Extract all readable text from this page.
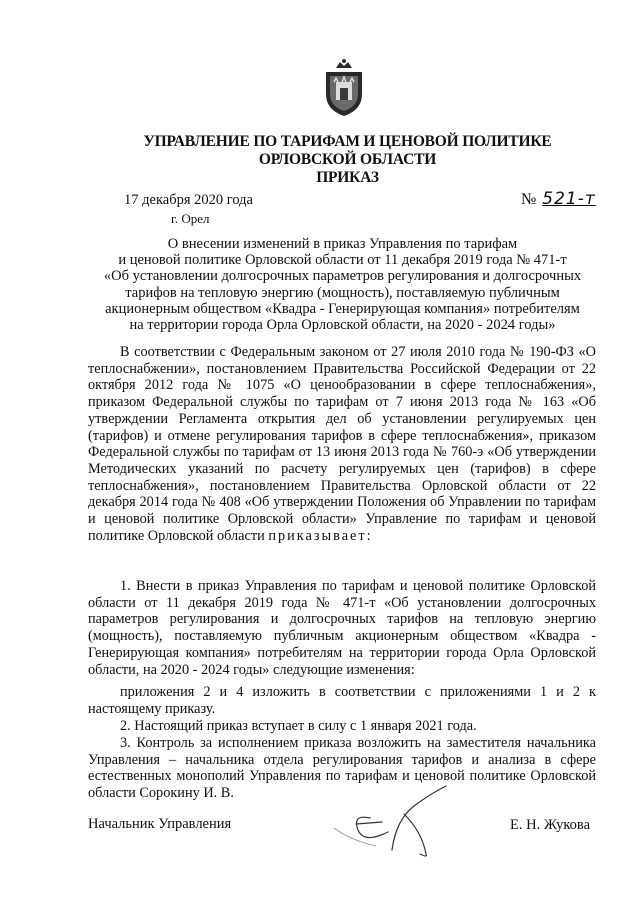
УПРАВЛЕНИЕ ПО ТАРИФАМ И ЦЕНОВОЙ ПОЛИТИКЕ
ОРЛОВСКОЙ ОБЛАСТИ
ПРИКАЗ
17 декабря 2020 года
г. Орел
№ 521-т
О внесении изменений в приказ Управления по тарифам
и ценовой политике Орловской области от 11 декабря 2019 года № 471-т
«Об установлении долгосрочных параметров регулирования и долгосрочных
тарифов на тепловую энергию (мощность), поставляемую публичным
акционерным обществом «Квадра - Генерирующая компания» потребителям
на территории города Орла Орловской области, на 2020 - 2024 годы»
В соответствии с Федеральным законом от 27 июля 2010 года № 190-ФЗ «О теплоснабжении», постановлением Правительства Российской Федерации от 22 октября 2012 года № 1075 «О ценообразовании в сфере теплоснабжения», приказом Федеральной службы по тарифам от 7 июня 2013 года № 163 «Об утверждении Регламента открытия дел об установлении регулируемых цен (тарифов) и отмене регулирования тарифов в сфере теплоснабжения», приказом Федеральной службы по тарифам от 13 июня 2013 года № 760-э «Об утверждении Методических указаний по расчету регулируемых цен (тарифов) в сфере теплоснабжения», постановлением Правительства Орловской области от 22 декабря 2014 года № 408 «Об утверждении Положения об Управлении по тарифам и ценовой политике Орловской области» Управление по тарифам и ценовой политике Орловской области приказывает:
1. Внести в приказ Управления по тарифам и ценовой политике Орловской области от 11 декабря 2019 года № 471-т «Об установлении долгосрочных параметров регулирования и долгосрочных тарифов на тепловую энергию (мощность), поставляемую публичным акционерным обществом «Квадра - Генерирующая компания» потребителям на территории города Орла Орловской области, на 2020 - 2024 годы» следующие изменения:
приложения 2 и 4 изложить в соответствии с приложениями 1 и 2 к настоящему приказу.
2. Настоящий приказ вступает в силу с 1 января 2021 года.
3. Контроль за исполнением приказа возложить на заместителя начальника Управления – начальника отдела регулирования тарифов и анализа в сфере естественных монополий Управления по тарифам и ценовой политике Орловской области Сорокину И. В.
Начальник Управления	Е. Н. Жукова
